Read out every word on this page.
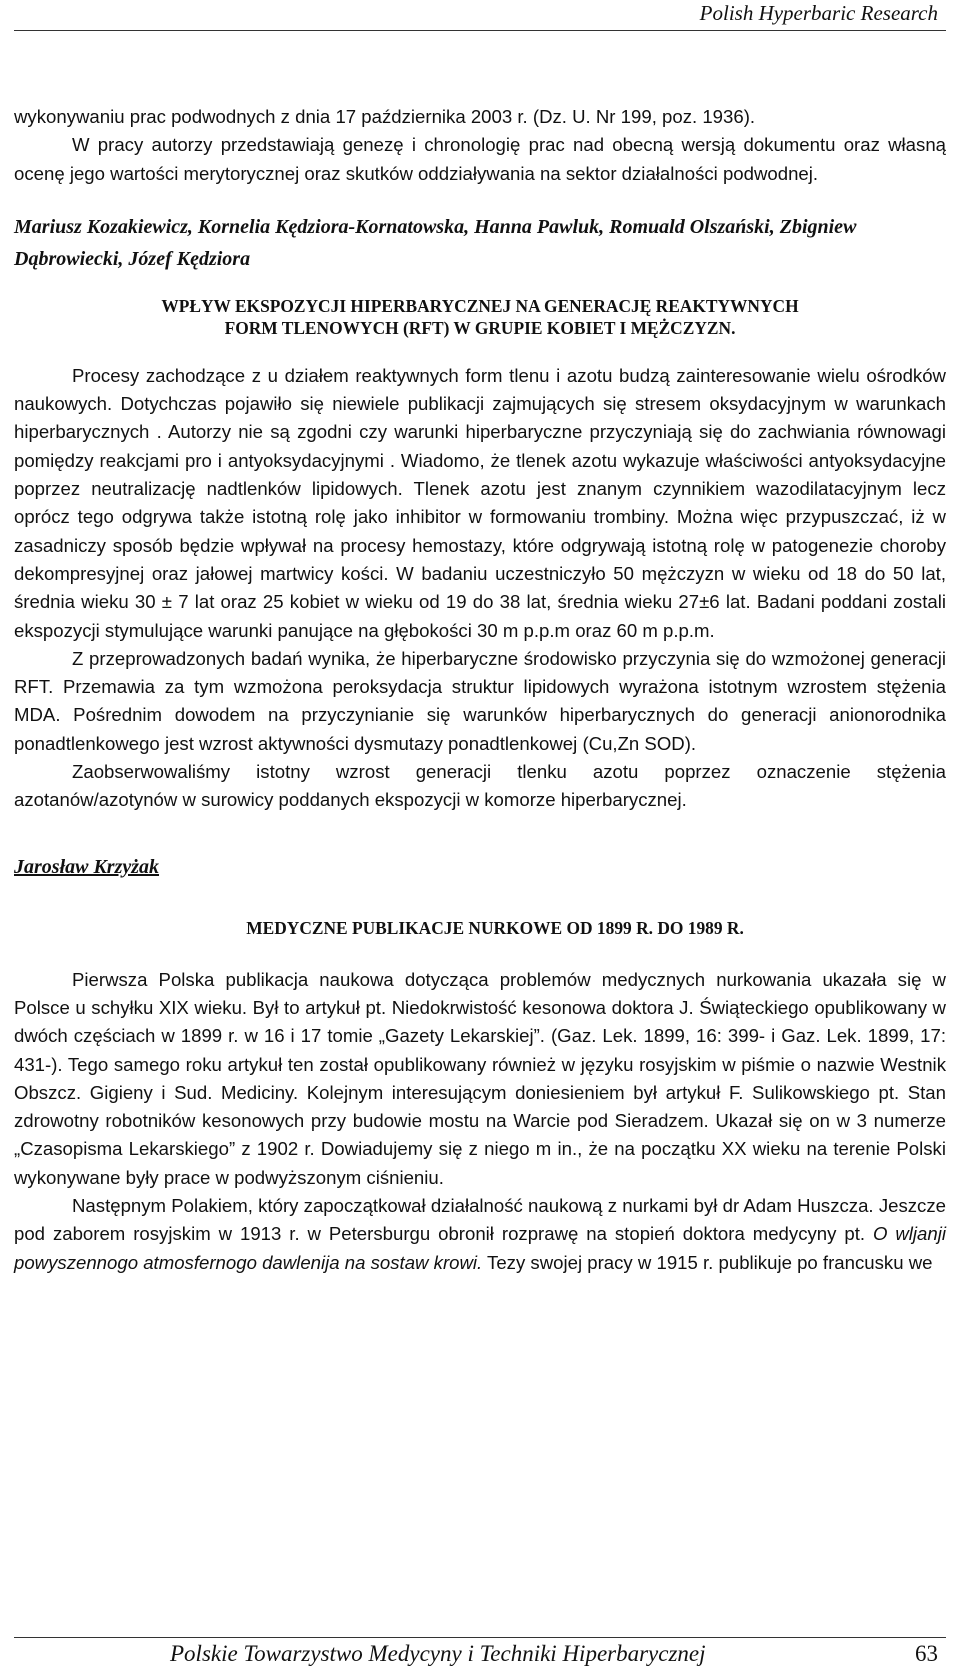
Polish Hyperbaric Research

wykonywaniu prac podwodnych z dnia 17 października 2003 r. (Dz. U. Nr 199, poz. 1936).

W pracy autorzy przedstawiają genezę i chronologię prac nad obecną wersją dokumentu oraz własną ocenę jego wartości merytorycznej oraz skutków oddziaływania na sektor działalności podwodnej.

Mariusz Kozakiewicz, Kornelia Kędziora-Kornatowska, Hanna Pawluk, Romuald Olszański, Zbigniew Dąbrowiecki, Józef Kędziora

WPŁYW EKSPOZYCJI HIPERBARYCZNEJ NA GENERACJĘ REAKTYWNYCH
FORM TLENOWYCH (RFT) W GRUPIE KOBIET I MĘŻCZYZN.

Procesy zachodzące z u działem reaktywnych form tlenu i azotu budzą zainteresowanie wielu ośrodków naukowych. Dotychczas pojawiło się niewiele publikacji zajmujących się stresem oksydacyjnym w warunkach hiperbarycznych . Autorzy nie są zgodni czy warunki hiperbaryczne przyczyniają się do zachwiania równowagi pomiędzy reakcjami pro i antyoksydacyjnymi . Wiadomo, że tlenek azotu wykazuje właściwości antyoksydacyjne poprzez neutralizację nadtlenków lipidowych. Tlenek azotu jest znanym czynnikiem wazodilatacyjnym lecz oprócz tego odgrywa także istotną rolę jako inhibitor w formowaniu trombiny. Można więc przypuszczać, iż w zasadniczy sposób będzie wpływał na procesy hemostazy, które odgrywają istotną rolę w patogenezie choroby dekompresyjnej oraz jałowej martwicy kości. W badaniu uczestniczyło 50 mężczyzn w wieku od 18 do 50 lat, średnia wieku 30 ± 7 lat oraz 25 kobiet w wieku od 19 do 38 lat, średnia wieku 27±6 lat. Badani poddani zostali ekspozycji stymulujące warunki panujące na głębokości 30 m p.p.m oraz 60 m p.p.m.

Z przeprowadzonych badań wynika, że hiperbaryczne środowisko przyczynia się do wzmożonej generacji RFT. Przemawia za tym wzmożona peroksydacja struktur lipidowych wyrażona istotnym wzrostem stężenia MDA. Pośrednim dowodem na przyczynianie się warunków hiperbarycznych do generacji anionorodnika ponadtlenkowego jest wzrost aktywności dysmutazy ponadtlenkowej (Cu,Zn SOD).

Zaobserwowaliśmy istotny wzrost generacji tlenku azotu poprzez oznaczenie stężenia azotanów/azotynów w surowicy poddanych ekspozycji w komorze hiperbarycznej.

Jarosław Krzyżak

MEDYCZNE PUBLIKACJE NURKOWE OD 1899 R. DO 1989 R.

Pierwsza Polska publikacja naukowa dotycząca problemów medycznych nurkowania ukazała się w Polsce u schyłku XIX wieku. Był to artykuł pt. Niedokrwistość kesonowa doktora J. Świąteckiego opublikowany w dwóch częściach w 1899 r. w 16 i 17 tomie „Gazety Lekarskiej”. (Gaz. Lek. 1899, 16: 399- i Gaz. Lek. 1899, 17: 431-). Tego samego roku artykuł ten został opublikowany również w języku rosyjskim w piśmie o nazwie Westnik Obszcz. Gigieny i Sud. Mediciny. Kolejnym interesującym doniesieniem był artykuł F. Sulikowskiego pt. Stan zdrowotny robotników kesonowych przy budowie mostu na Warcie pod Sieradzem. Ukazał się on w 3 numerze „Czasopisma Lekarskiego” z 1902 r. Dowiadujemy się z niego m in., że na początku XX wieku na terenie Polski wykonywane były prace w podwyższonym ciśnieniu.

Następnym Polakiem, który zapoczątkował działalność naukową z nurkami był dr Adam Huszcza. Jeszcze pod zaborem rosyjskim w 1913 r. w Petersburgu obronił rozprawę na stopień doktora medycyny pt. O wljanji powyszennogo atmosfernogo dawlenija na sostaw krowi. Tezy swojej pracy w 1915 r. publikuje po francusku we

Polskie Towarzystwo Medycyny i Techniki Hiperbarycznej	63
